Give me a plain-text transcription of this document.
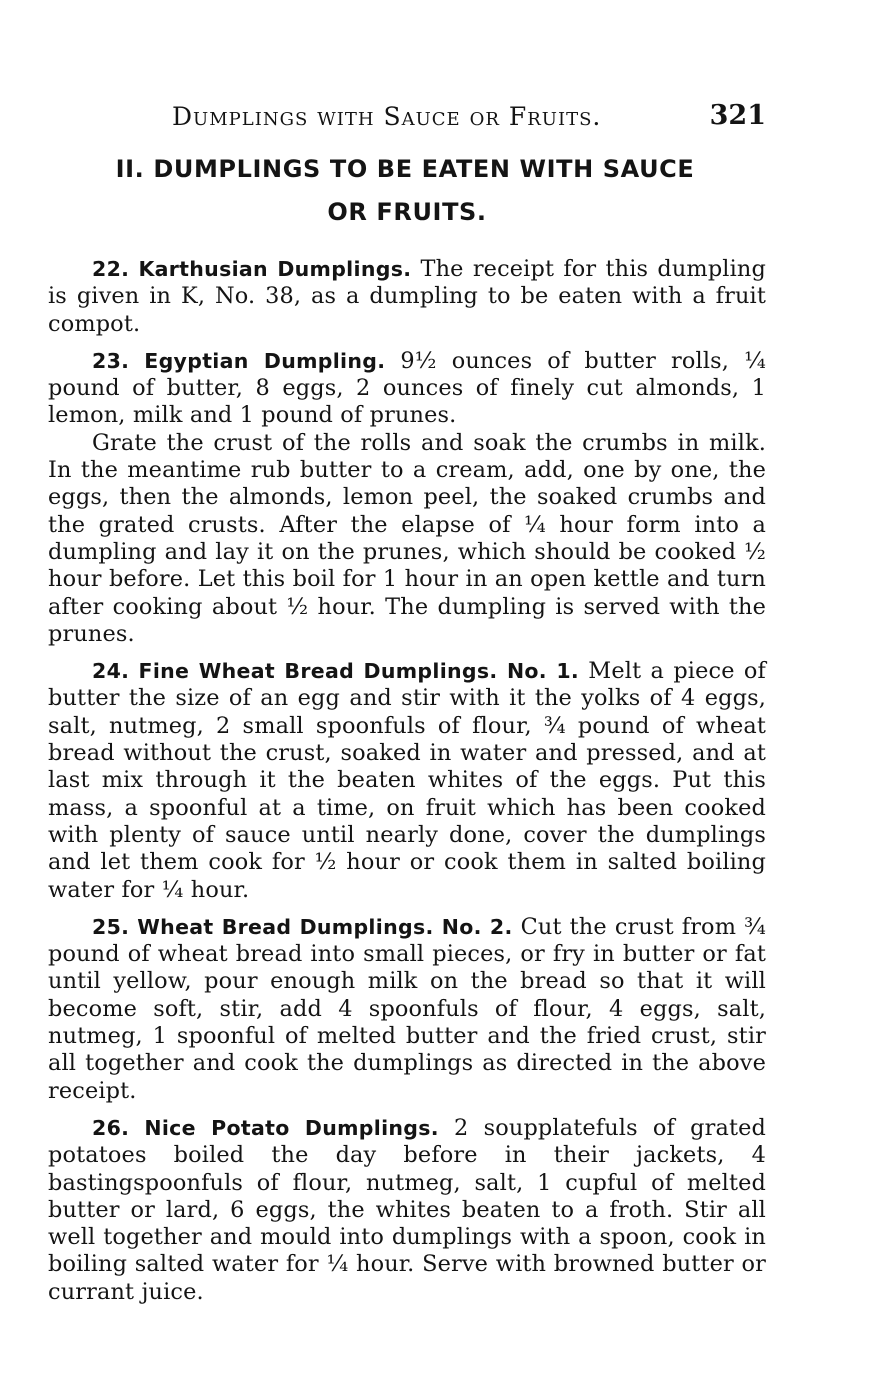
Dumplings with Sauce or Fruits.	321
II. DUMPLINGS TO BE EATEN WITH SAUCE
OR FRUITS.

22. Karthusian Dumplings. The receipt for this dumpling is given in K, No. 38, as a dumpling to be eaten with a fruit compot.

23. Egyptian Dumpling. 9½ ounces of butter rolls, ¼ pound of butter, 8 eggs, 2 ounces of finely cut almonds, 1 lemon, milk and 1 pound of prunes.

Grate the crust of the rolls and soak the crumbs in milk. In the meantime rub butter to a cream, add, one by one, the eggs, then the almonds, lemon peel, the soaked crumbs and the grated crusts. After the elapse of ¼ hour form into a dumpling and lay it on the prunes, which should be cooked ½ hour before. Let this boil for 1 hour in an open kettle and turn after cooking about ½ hour. The dumpling is served with the prunes.

24. Fine Wheat Bread Dumplings. No. 1. Melt a piece of butter the size of an egg and stir with it the yolks of 4 eggs, salt, nutmeg, 2 small spoonfuls of flour, ¾ pound of wheat bread without the crust, soaked in water and pressed, and at last mix through it the beaten whites of the eggs. Put this mass, a spoonful at a time, on fruit which has been cooked with plenty of sauce until nearly done, cover the dumplings and let them cook for ½ hour or cook them in salted boiling water for ¼ hour.

25. Wheat Bread Dumplings. No. 2. Cut the crust from ¾ pound of wheat bread into small pieces, or fry in butter or fat until yellow, pour enough milk on the bread so that it will become soft, stir, add 4 spoonfuls of flour, 4 eggs, salt, nutmeg, 1 spoonful of melted butter and the fried crust, stir all together and cook the dumplings as directed in the above receipt.

26. Nice Potato Dumplings. 2 soupplatefuls of grated potatoes boiled the day before in their jackets, 4 bastingspoonfuls of flour, nutmeg, salt, 1 cupful of melted butter or lard, 6 eggs, the whites beaten to a froth. Stir all well together and mould into dumplings with a spoon, cook in boiling salted water for ¼ hour. Serve with browned butter or currant juice.
